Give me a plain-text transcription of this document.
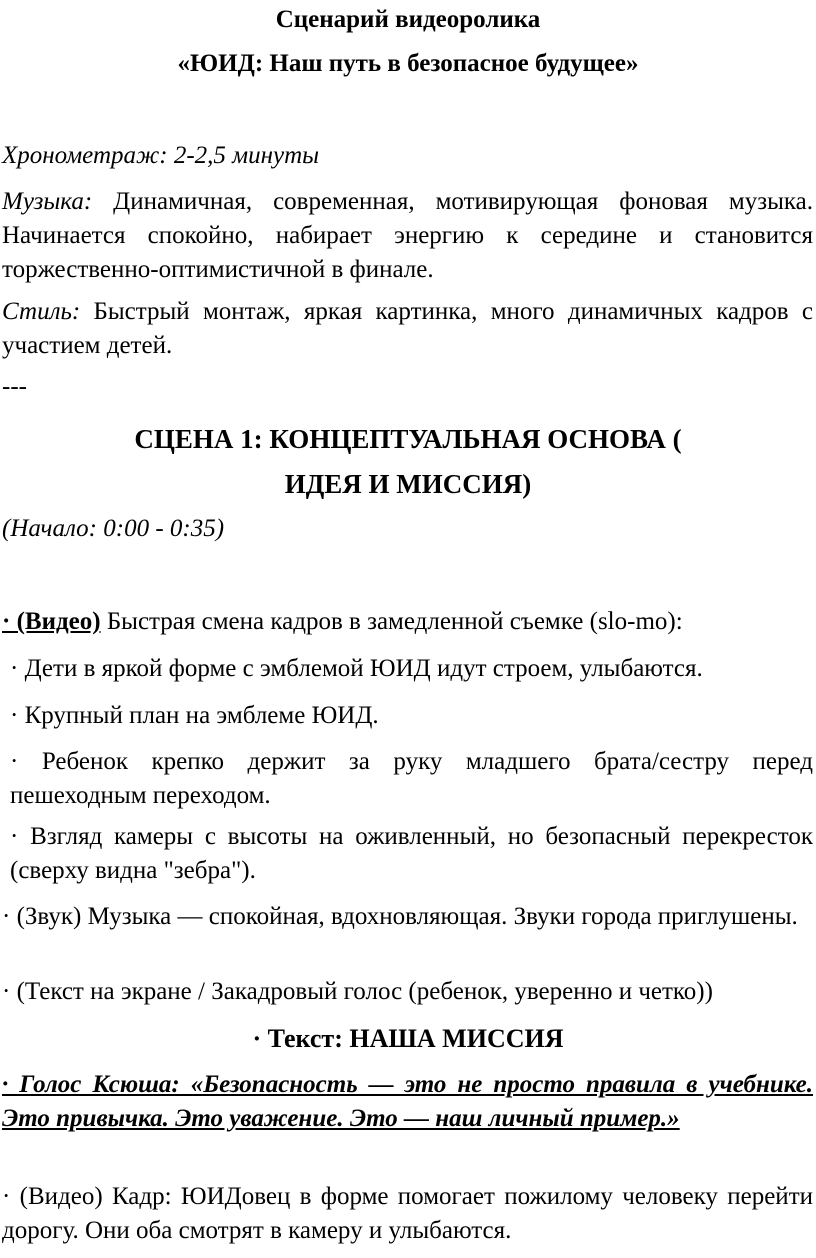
Сценарий видеоролика
«ЮИД: Наш путь в безопасное будущее»

Хронометраж: 2-2,5 минуты

Музыка: Динамичная, современная, мотивирующая фоновая музыка. Начинается спокойно, набирает энергию к середине и становится торжественно-оптимистичной в финале.

Стиль: Быстрый монтаж, яркая картинка, много динамичных кадров с участием детей.

---

СЦЕНА 1: КОНЦЕПТУАЛЬНАЯ ОСНОВА (
ИДЕЯ И МИССИЯ)

(Начало: 0:00 - 0:35)

· (Видео) Быстрая смена кадров в замедленной съемке (slo-mo):

· Дети в яркой форме с эмблемой ЮИД идут строем, улыбаются.

· Крупный план на эмблеме ЮИД.

· Ребенок крепко держит за руку младшего брата/сестру перед пешеходным переходом.

· Взгляд камеры с высоты на оживленный, но безопасный перекресток (сверху видна "зебра").

· (Звук) Музыка — спокойная, вдохновляющая. Звуки города приглушены.

· (Текст на экране / Закадровый голос (ребенок, уверенно и четко))

· Текст: НАША МИССИЯ

· Голос Ксюша: «Безопасность — это не просто правила в учебнике. Это привычка. Это уважение. Это — наш личный пример.»

· (Видео) Кадр: ЮИДовец в форме помогает пожилому человеку перейти дорогу. Они оба смотрят в камеру и улыбаются.
